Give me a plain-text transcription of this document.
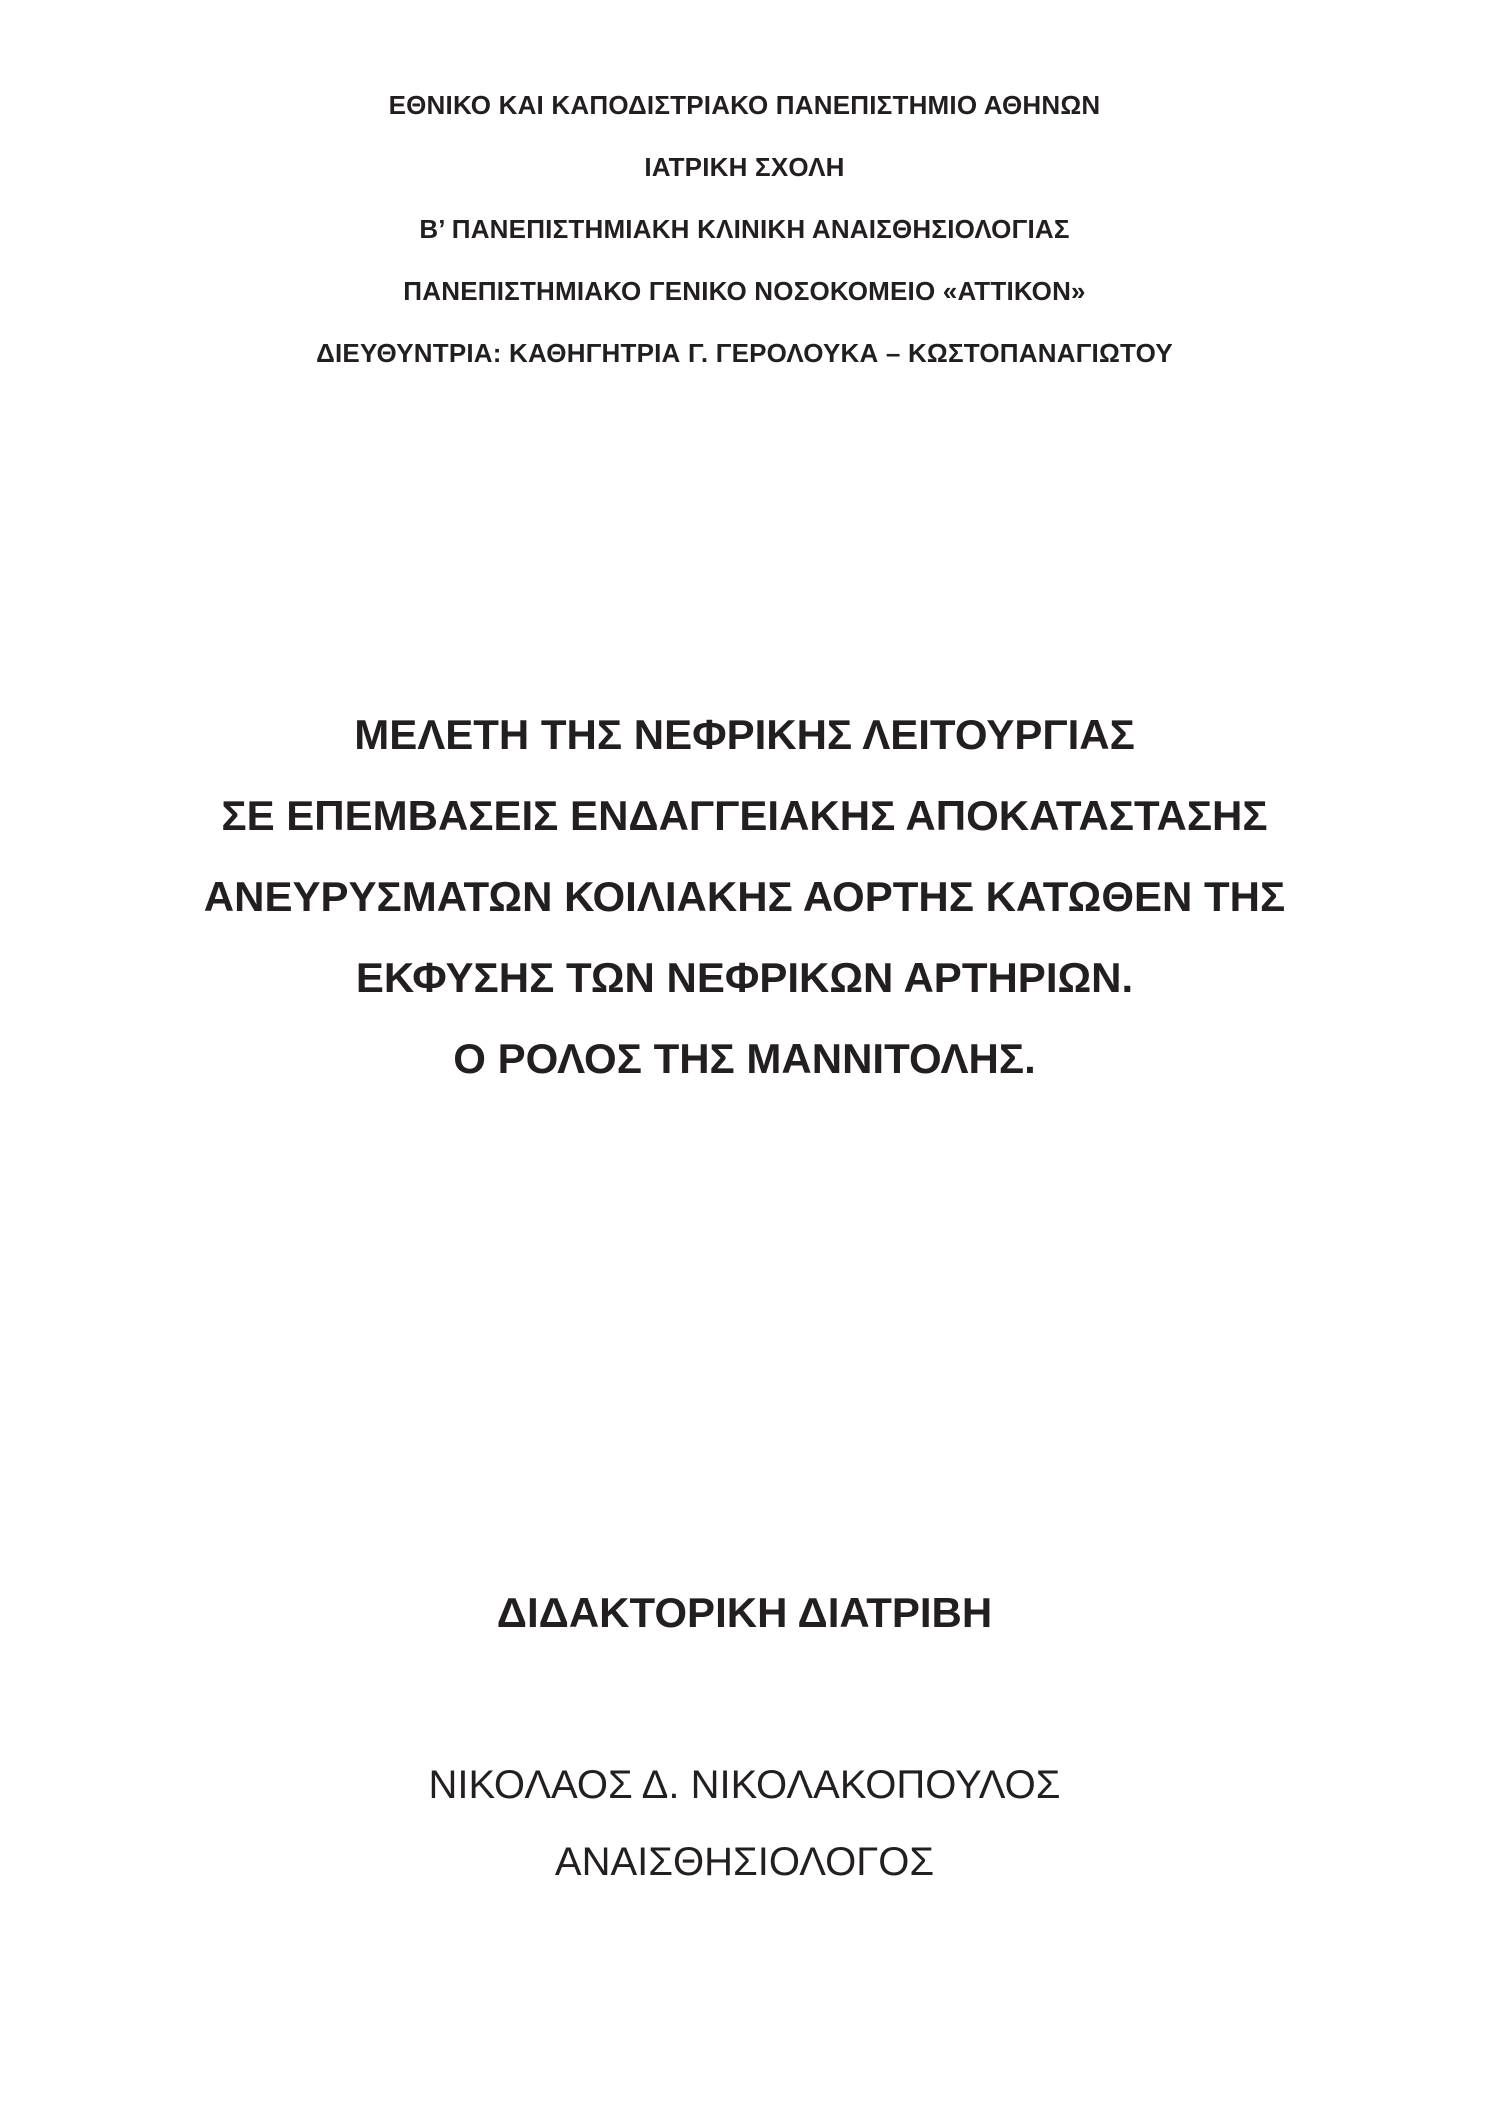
ΕΘΝΙΚΟ ΚΑΙ ΚΑΠΟΔΙΣΤΡΙΑΚΟ ΠΑΝΕΠΙΣΤΗΜΙΟ ΑΘΗΝΩΝ

ΙΑΤΡΙΚΗ ΣΧΟΛΗ

Β’ ΠΑΝΕΠΙΣΤΗΜΙΑΚΗ ΚΛΙΝΙΚΗ ΑΝΑΙΣΘΗΣΙΟΛΟΓΙΑΣ

ΠΑΝΕΠΙΣΤΗΜΙΑΚΟ ΓΕΝΙΚΟ ΝΟΣΟΚΟΜΕΙΟ «ΑΤΤΙΚΟΝ»

ΔΙΕΥΘΥΝΤΡΙΑ: ΚΑΘΗΓΗΤΡΙΑ Γ. ΓΕΡΟΛΟΥΚΑ – ΚΩΣΤΟΠΑΝΑΓΙΩΤΟΥ

ΜΕΛΕΤΗ ΤΗΣ ΝΕΦΡΙΚΗΣ ΛΕΙΤΟΥΡΓΙΑΣ

ΣΕ ΕΠΕΜΒΑΣΕΙΣ ΕΝΔΑΓΓΕΙΑΚΗΣ ΑΠΟΚΑΤΑΣΤΑΣΗΣ

ΑΝΕΥΡΥΣΜΑΤΩΝ ΚΟΙΛΙΑΚΗΣ ΑΟΡΤΗΣ ΚΑΤΩΘΕΝ ΤΗΣ

ΕΚΦΥΣΗΣ ΤΩΝ ΝΕΦΡΙΚΩΝ ΑΡΤΗΡΙΩΝ.

Ο ΡΟΛΟΣ ΤΗΣ ΜΑΝΝΙΤΟΛΗΣ.

ΔΙΔΑΚΤΟΡΙΚΗ ΔΙΑΤΡΙΒΗ

ΝΙΚΟΛΑΟΣ Δ. ΝΙΚΟΛΑΚΟΠΟΥΛΟΣ

ΑΝΑΙΣΘΗΣΙΟΛΟΓΟΣ
